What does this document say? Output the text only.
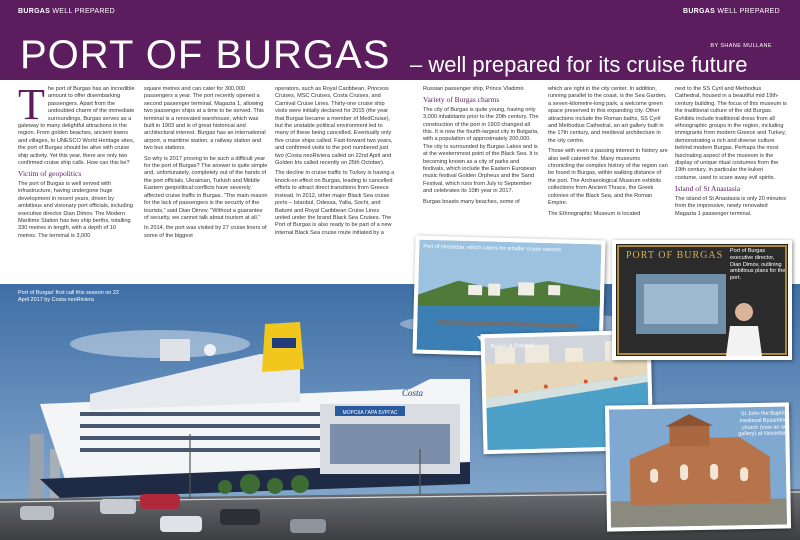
BURGAS WELL PREPARED	BURGAS WELL PREPARED
PORT OF BURGAS	BY SHANE MULLANE
– well prepared for its cruise future
T he port of Burgas has an incredible amount to offer disembarking passengers. Apart from the undoubted charm of the immediate surroundings, Burgas serves as a gateway to many delightful attractions in the region. From golden beaches, ancient towns and villages, to UNESCO World Heritage sites, the port of Burgas should be alive with cruise ship activity. Yet this year, there are only two confirmed cruise ship calls. How can this be?

Victim of geopolitics

The port of Burgas is well served with infrastructure, having undergone huge development in recent years, driven by ambitious and visionary port officials, including executive director Dian Dimov. The Modern Maritime Station has two ship berths, totalling 330 metres in length, with a depth of 10 metres. The terminal is 3,000

square metres and can cater for 300,000 passengers a year. The port recently opened a second passenger terminal, Magazia 1, allowing two passenger ships at a time to be served. This terminal is a renovated warehouse, which was built in 1903 and is of great historical and architectural interest. Burgas has an international airport, a maritime station, a railway station and two bus stations.

So why is 2017 proving to be such a difficult year for the port of Burgas? The answer is quite simple and, unfortunately, completely out of the hands of the port officials. Ukrainian, Turkish and Middle Eastern geopolitical conflicts have severely affected cruise traffic in Burgas. “The main reason for the lack of passengers is the security of the tourists,” said Dian Dimov. “Without a guarantee of security, we cannot talk about tourism at all.”

In 2014, the port was visited by 27 cruise liners of some of the biggest

operators, such as Royal Caribbean, Princess Cruises, MSC Cruises, Costa Cruises, and Carnival Cruise Lines. Thirty-one cruise ship visits were initially declared for 2015 (the year that Burgas became a member of MedCruise), but the unstable political environment led to many of these being cancelled. Eventually only five cruise ships called. Fast-forward two years, and confirmed visits to the port numbered just two (Costa neoRiviera called on 22nd April and Golden Iris called recently on 25th October).

The decline in cruise traffic to Turkey is having a knock-on effect on Burgas, leading to cancelled efforts to attract direct transitions from Greece instead. In 2012, other major Black Sea cruise ports – Istanbul, Odessa, Yalta, Sochi, and Batumi and Royal Caribbean Cruise Lines united under the brand Black Sea Cruises. The Port of Burgas is also ready to be part of a new internal Black Sea cruise route initiated by a

Russian passenger ship, Prince Vladimir.

Variety of Burgas charms

The city of Burgas is quite young, having only 3,000 inhabitants prior to the 20th century. The construction of the port in 1903 changed all this. It is now the fourth-largest city in Bulgaria, with a population of approximately 200,000. The city is surrounded by Burgas Lakes and is at the westernmost point of the Black Sea. It is becoming known as a city of parks and festivals, which include the Eastern European music festival Golden Orpheus and the Sand Festival, which runs from July to September and celebrates its 10th year in 2017.

Burgas boasts many beaches, some of

which are right in the city center. In addition, running parallel to the coast, is the Sea Garden, a seven-kilometre-long park, a welcome green space preserved in this expanding city. Other attractions include the Roman baths, SS Cyril and Methodius Cathedral, an art gallery built in the 17th century, and medieval architecture in the city centre.

Those with even a passing interest in history are also well catered for. Many museums chronicling the complex history of the region can be found in Burgas, within walking distance of the port. The Archaeological Museum exhibits collections from Ancient Thrace, the Greek colonies of the Black Sea, and the Roman Empire.

The Ethnographic Museum is located

next to the SS Cyril and Methodius Cathedral, housed in a beautiful mid 19th-century building. The focus of this museum is the traditional culture of the old Burgas. Exhibits include traditional dress from all ethnographic groups in the region, including immigrants from modern Greece and Turkey, demonstrating a rich and diverse culture behind modern Burgas. Perhaps the most fascinating aspect of the museum is the display of unique ritual costumes from the 19th century, in particular the kukeri costume, used to scare away evil spirits.

Island of St Anastasia

The island of St Anastasia is only 20 minutes from the impressive, newly renovated Magazia 1 passenger terminal.

МОРСКА ГАРА БУРГАС
Costa
Port of Burgas' first call this season on 22 April 2017 by Costa neoRiviera
Port of Nessebar, which caters for smaller cruise vessels
Beach at Sozopol
PORT OF BURGAS Port of Burgas executive director, Dian Dimov, outlining ambitious plans for the port.
St John the Baptist medieval Byzantine church (now an art gallery) at Nessebar
